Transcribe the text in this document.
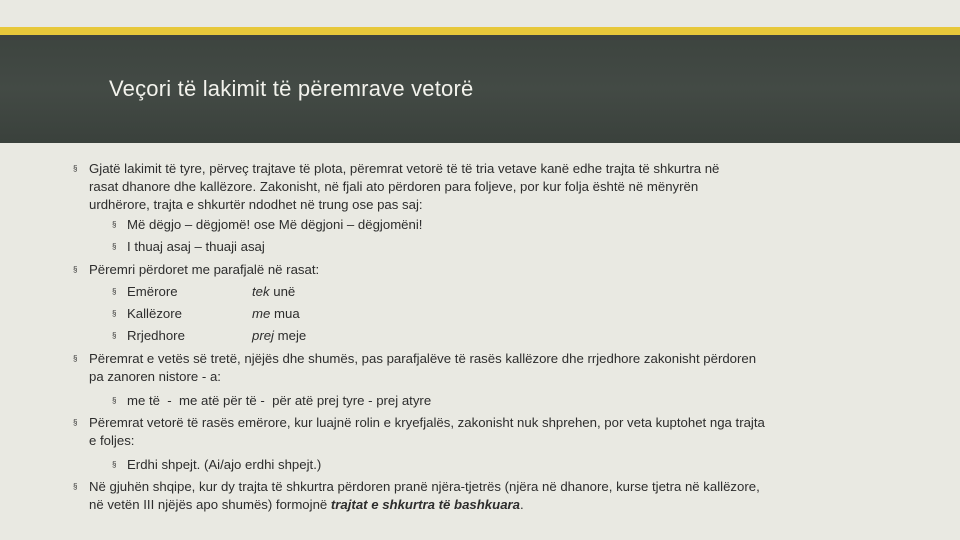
Veçori të lakimit të përemrave vetorë
§ Gjatë lakimit të tyre, përveç trajtave të plota, përemrat vetorë të të tria vetave kanë edhe trajta të shkurtra në
rasat dhanore dhe kallëzore. Zakonisht, në fjali ato përdoren para foljeve, por kur folja është në mënyrën
urdhërore, trajta e shkurtër ndodhet në trung ose pas saj:
§ Më dëgjo – dëgjomë! ose Më dëgjoni – dëgjomëni!
§ I thuaj asaj – thuaji asaj
§ Përemri përdoret me parafjalë në rasat:
§ Emërore	tek unë
§ Kallëzore	me mua
§ Rrjedhore	prej meje
§ Përemrat e vetës së tretë, njëjës dhe shumës, pas parafjalëve të rasës kallëzore dhe rrjedhore zakonisht përdoren
pa zanoren nistore - a:
§ me të  -  me atë për të -  për atë prej tyre - prej atyre
§ Përemrat vetorë të rasës emërore, kur luajnë rolin e kryefjalës, zakonisht nuk shprehen, por veta kuptohet nga trajta
e foljes:
§ Erdhi shpejt. (Ai/ajo erdhi shpejt.)
§ Në gjuhën shqipe, kur dy trajta të shkurtra përdoren pranë njëra-tjetrës (njëra në dhanore, kurse tjetra në kallëzore,
në vetën III njëjës apo shumës) formojnë trajtat e shkurtra të bashkuara.
